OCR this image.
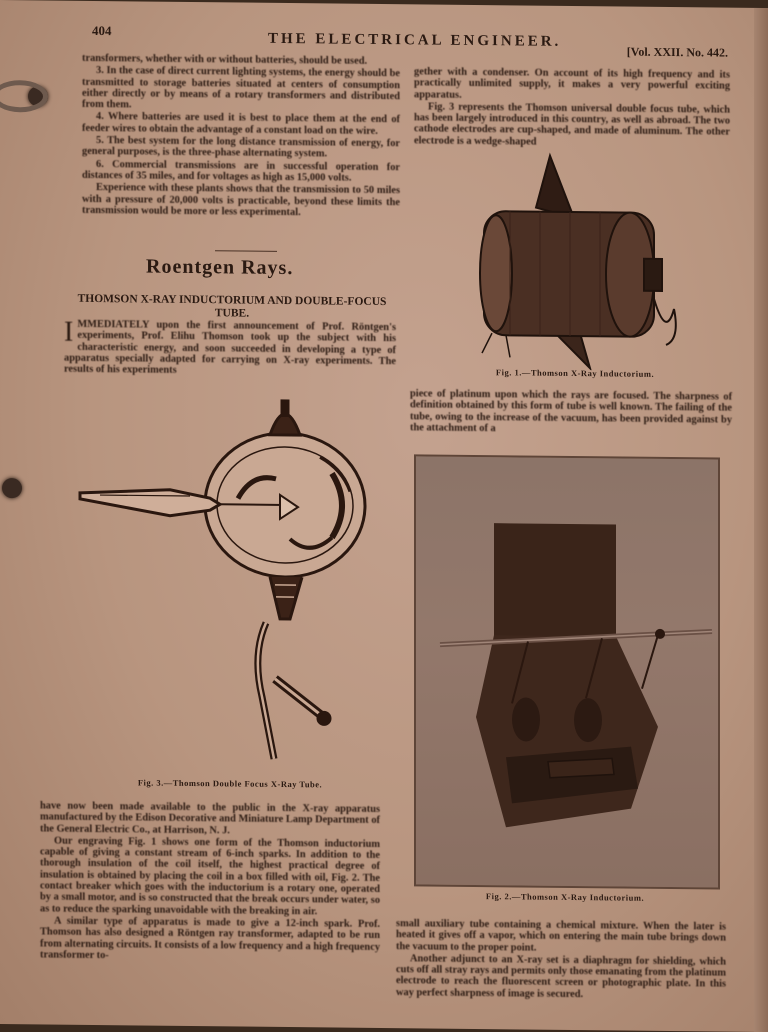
404
THE ELECTRICAL ENGINEER.
[Vol. XXII. No. 442.

transformers, whether with or without batteries, should be used.

3. In the case of direct current lighting systems, the energy should be transmitted to storage batteries situated at centers of consumption either directly or by means of a rotary transformers and distributed from them.

4. Where batteries are used it is best to place them at the end of feeder wires to obtain the advantage of a constant load on the wire.

5. The best system for the long distance transmission of energy, for general purposes, is the three-phase alternating system.

6. Commercial transmissions are in successful operation for distances of 35 miles, and for voltages as high as 15,000 volts.

Experience with these plants shows that the transmission to 50 miles with a pressure of 20,000 volts is practicable, beyond these limits the transmission would be more or less experimental.

Roentgen Rays.
THOMSON X-RAY INDUCTORIUM AND DOUBLE-FOCUS TUBE.
I MMEDIATELY upon the first announcement of Prof. Röntgen's experiments, Prof. Elihu Thomson took up the subject with his characteristic energy, and soon succeeded in developing a type of apparatus specially adapted for carrying on X-ray experiments. The results of his experiments
Fig. 3.—Thomson Double Focus X-Ray Tube.

have now been made available to the public in the X-ray apparatus manufactured by the Edison Decorative and Miniature Lamp Department of the General Electric Co., at Harrison, N. J.

Our engraving Fig. 1 shows one form of the Thomson inductorium capable of giving a constant stream of 6-inch sparks. In addition to the thorough insulation of the coil itself, the highest practical degree of insulation is obtained by placing the coil in a box filled with oil, Fig. 2. The contact breaker which goes with the inductorium is a rotary one, operated by a small motor, and is so constructed that the break occurs under water, so as to reduce the sparking unavoidable with the breaking in air.

A similar type of apparatus is made to give a 12-inch spark. Prof. Thomson has also designed a Röntgen ray transformer, adapted to be run from alternating circuits. It consists of a low frequency and a high frequency transformer to-

gether with a condenser. On account of its high frequency and its practically unlimited supply, it makes a very powerful exciting apparatus.

Fig. 3 represents the Thomson universal double focus tube, which has been largely introduced in this country, as well as abroad. The two cathode electrodes are cup-shaped, and made of aluminum. The other electrode is a wedge-shaped

Fig. 1.—Thomson X-Ray Inductorium.

piece of platinum upon which the rays are focused. The sharpness of definition obtained by this form of tube is well known. The failing of the tube, owing to the increase of the vacuum, has been provided against by the attachment of a

Fig. 2.—Thomson X-Ray Inductorium.

small auxiliary tube containing a chemical mixture. When the later is heated it gives off a vapor, which on entering the main tube brings down the vacuum to the proper point.

Another adjunct to an X-ray set is a diaphragm for shielding, which cuts off all stray rays and permits only those emanating from the platinum electrode to reach the fluorescent screen or photographic plate. In this way perfect sharpness of image is secured.
